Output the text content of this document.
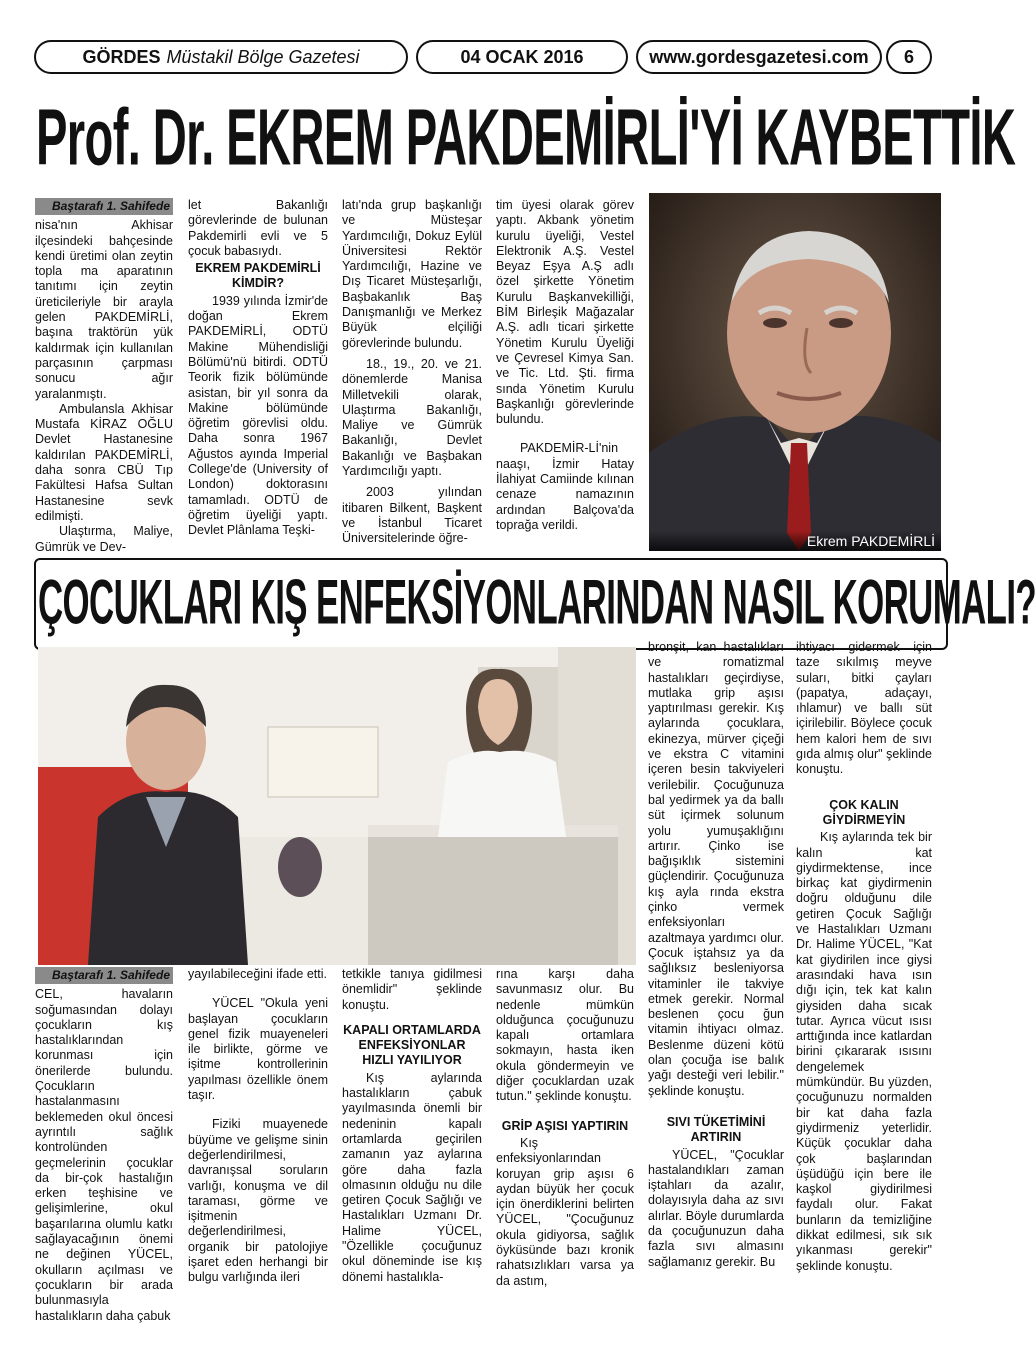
GÖRDES Müstakil Bölge Gazetesi	04 OCAK 2016	www.gordesgazetesi.com 6
Prof. Dr. EKREM PAKDEMİRLİ'Yİ KAYBETTİK
Baştarafı 1. Sahifede

nisa'nın Akhisar ilçesindeki bahçesinde kendi üretimi olan zeytin topla ma aparatının tanıtımı için zeytin üreticileriyle bir arayla gelen PAKDEMİRLİ, başına traktörün yük kaldırmak için kullanılan parçasının çarpması sonucu ağır yaralanmıştı.

Ambulansla Akhisar Mustafa KİRAZ OĞLU Devlet Hastanesine kaldırılan PAKDEMİRLİ, daha sonra CBÜ Tıp Fakültesi Hafsa Sultan Hastanesine sevk edilmişti.

Ulaştırma, Maliye, Gümrük ve Dev-

let Bakanlığı görevlerinde de bulunan Pakdemirli evli ve 5 çocuk babasıydı.

EKREM PAKDEMİRLİ KİMDİR?

1939 yılında İzmir'de doğan Ekrem PAKDEMİRLİ, ODTÜ Makine Mühendisliği Bölümü'nü bitirdi. ODTÜ Teorik fizik bölümünde asistan, bir yıl sonra da Makine bölümünde öğretim görevlisi oldu. Daha sonra 1967 Ağustos ayında Imperial College'de (University of London) doktorasını tamamladı. ODTÜ de öğretim üyeliği yaptı. Devlet Plânlama Teşki-

latı'nda grup başkanlığı ve Müsteşar Yardımcılığı, Dokuz Eylül Üniversitesi Rektör Yardımcılığı, Hazine ve Dış Ticaret Müsteşarlığı, Başbakanlık Baş Danışmanlığı ve Merkez Büyük elçiliği görevlerinde bulundu.

18., 19., 20. ve 21. dönemlerde Manisa Milletvekili olarak, Ulaştırma Bakanlığı, Maliye ve Gümrük Bakanlığı, Devlet Bakanlığı ve Başbakan Yardımcılığı yaptı.

2003 yılından itibaren Bilkent, Başkent ve İstanbul Ticaret Üniversitelerinde öğre-

tim üyesi olarak görev yaptı. Akbank yönetim kurulu üyeliği, Vestel Elektronik A.Ş. Vestel Beyaz Eşya A.Ş adlı özel şirkette Yönetim Kurulu Başkanvekilliği, BİM Birleşik Mağazalar A.Ş. adlı ticari şirkette Yönetim Kurulu Üyeliği ve Çevresel Kimya San. ve Tic. Ltd. Şti. firma sında Yönetim Kurulu Başkanlığı görevlerinde bulundu.

PAKDEMİR-Lİ'nin naaşı, İzmir Hatay İlahiyat Camiinde kılınan cenaze namazının ardından Balçova'da toprağa verildi.

Ekrem PAKDEMİRLİ
ÇOCUKLARI KIŞ ENFEKSİYONLARINDAN NASIL KORUMALI?
Baştarafı 1. Sahifede

CEL, havaların soğumasından dolayı çocukların kış hastalıklarından korunması için önerilerde bulundu. Çocukların hastalanmasını beklemeden okul öncesi ayrıntılı sağlık kontrolünden geçmelerinin çocuklar da bir-çok hastalığın erken teşhisine ve gelişimlerine, okul başarılarına olumlu katkı sağlayacağının önemi ne değinen YÜCEL, okulların açılması ve çocukların bir arada bulunmasıyla hastalıkların daha çabuk

yayılabileceğini ifade etti.

YÜCEL "Okula yeni başlayan çocukların genel fizik muayeneleri ile birlikte, görme ve işitme kontrollerinin yapılması özellikle önem taşır.

Fiziki muayenede büyüme ve gelişme sinin değerlendirilmesi, davranışsal soruların varlığı, konuşma ve dil taraması, görme ve işitmenin değerlendirilmesi, organik bir patolojiye işaret eden herhangi bir bulgu varlığında ileri

tetkikle tanıya gidilmesi önemlidir" şeklinde konuştu.

KAPALI ORTAMLARDA ENFEKSİYONLAR HIZLI YAYILIYOR

Kış aylarında hastalıkların çabuk yayılmasında önemli bir nedeninin kapalı ortamlarda geçirilen zamanın yaz aylarına göre daha fazla olmasının olduğu nu dile getiren Çocuk Sağlığı ve Hastalıkları Uzmanı Dr. Halime YÜCEL, "Özellikle çocuğunuz okul döneminde ise kış dönemi hastalıkla-

rına karşı daha savunmasız olur. Bu nedenle mümkün olduğunca çocuğunuzu kapalı ortamlara sokmayın, hasta iken okula göndermeyin ve diğer çocuklardan uzak tutun." şeklinde konuştu.

GRİP AŞISI YAPTIRIN

Kış enfeksiyonlarından koruyan grip aşısı 6 aydan büyük her çocuk için önerdiklerini belirten YÜCEL, "Çocuğunuz okula gidiyorsa, sağlık öyküsünde bazı kronik rahatsızlıkları varsa ya da astım,

bronşit, kan hastalıkları ve romatizmal hastalıkları geçirdiyse, mutlaka grip aşısı yaptırılması gerekir. Kış aylarında çocuklara, ekinezya, mürver çiçeği ve ekstra C vitamini içeren besin takviyeleri verilebilir. Çocuğunuza bal yedirmek ya da ballı süt içirmek solunum yolu yumuşaklığını artırır. Çinko ise bağışıklık sistemini güçlendirir. Çocuğunuza kış ayla rında ekstra çinko vermek enfeksiyonları azaltmaya yardımcı olur. Çocuk iştahsız ya da sağlıksız besleniyorsa vitaminler ile takviye etmek gerekir. Normal beslenen çocu ğun vitamin ihtiyacı olmaz. Beslenme düzeni kötü olan çocuğa ise balık yağı desteği veri lebilir." şeklinde konuştu.

SIVI TÜKETİMİNİ ARTIRIN

YÜCEL, "Çocuklar hastalandıkları zaman iştahları da azalır, dolayısıyla daha az sıvı alırlar. Böyle durumlarda da çocuğunuzun daha fazla sıvı almasını sağlamanız gerekir. Bu

ihtiyacı gidermek için taze sıkılmış meyve suları, bitki çayları (papatya, adaçayı, ıhlamur) ve ballı süt içirilebilir. Böylece çocuk hem kalori hem de sıvı gıda almış olur" şeklinde konuştu.

ÇOK KALIN GİYDİRMEYİN

Kış aylarında tek bir kalın kat giydirmektense, ince birkaç kat giydirmenin doğru olduğunu dile getiren Çocuk Sağlığı ve Hastalıkları Uzmanı Dr. Halime YÜCEL, "Kat kat giydirilen ince giysi arasındaki hava ısın dığı için, tek kat kalın giysiden daha sıcak tutar. Ayrıca vücut ısısı arttığında ince katlardan birini çıkararak ısısını dengelemek mümkündür. Bu yüzden, çocuğunuzu normalden bir kat daha fazla giydirmeniz yeterlidir. Küçük çocuklar daha çok başlarından üşüdüğü için bere ile kaşkol giydirilmesi faydalı olur. Fakat bunların da temizliğine dikkat edilmesi, sık sık yıkanması gerekir" şeklinde konuştu.
